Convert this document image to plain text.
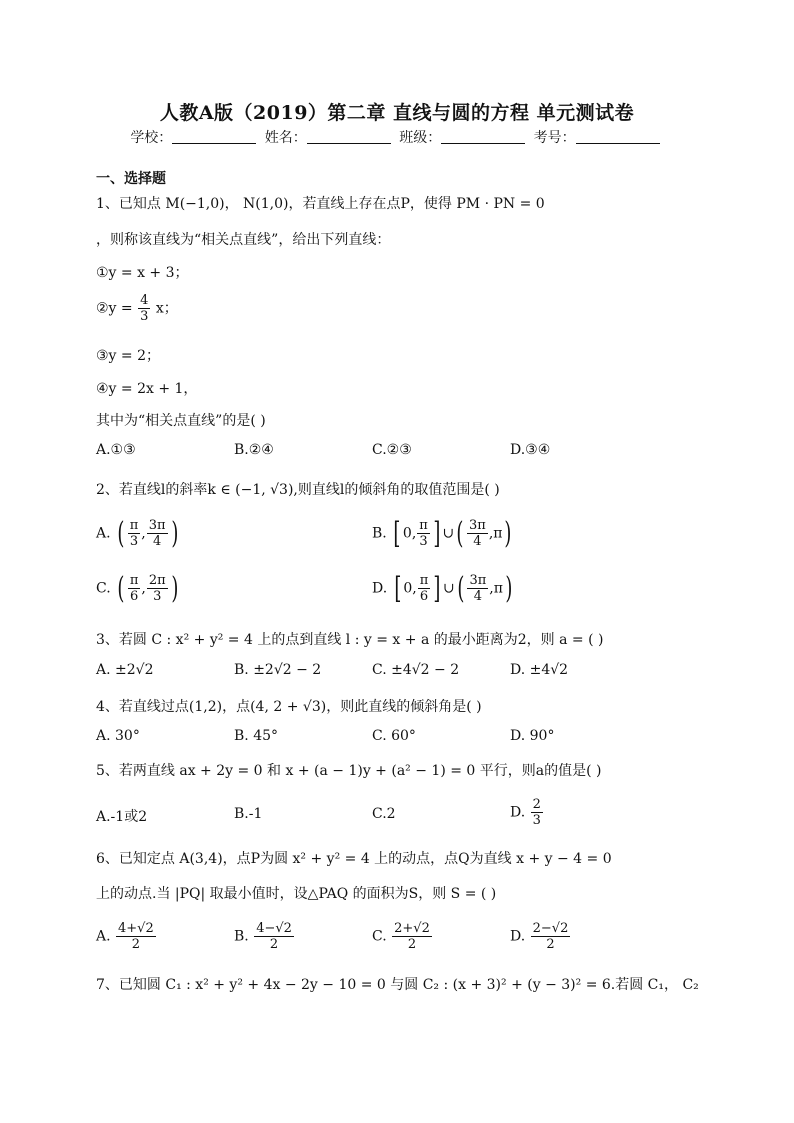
人教A版（2019）第二章 直线与圆的方程 单元测试卷
学校：	姓名：	班级：	考号：
一、选择题
1、已知点 M(−1,0)， N(1,0)，若直线上存在点P，使得 PM · PN = 0
，则称该直线为“相关点直线”，给出下列直线：
①y = x + 3；
②y = $\frac{4}{3}$ x；
③y = 2；
④y = 2x + 1，
其中为“相关点直线”的是( )
A.①③	B.②④	C.②③	D.③④
2、若直线l的斜率k ∈ (−1, √3),则直线l的倾斜角的取值范围是( )
A. ( $\frac{\pi}{3}$ , $\frac{3\pi}{4}$ )	B. [ 0, $\frac{\pi}{3}$ ] ∪( $\frac{3\pi}{4} ,\pi$)
C. ( $\frac{\pi}{6}$ , $\frac{2\pi}{3}$ )	D. [ 0, $\frac{\pi}{6}$ ] ∪( $\frac{3\pi}{4} ,\pi$)
3、若圆 C : x² + y² = 4 上的点到直线 l : y = x + a 的最小距离为2，则 a = ( )
A. ±2√2	B. ±2√2 − 2	C. ±4√2 − 2	D. ±4√2
4、若直线过点(1,2)，点(4, 2 + √3)，则此直线的倾斜角是( )
A. 30°	B. 45°	C. 60°	D. 90°
5、若两直线 ax + 2y = 0 和 x + (a − 1)y + (a² − 1) = 0 平行，则a的值是( )
A.-1或2	B.-1	C.2	D. $\frac{2}{3}$
6、已知定点 A(3,4)，点P为圆 x² + y² = 4 上的动点，点Q为直线 x + y − 4 = 0
上的动点.当 |PQ| 取最小值时，设△PAQ 的面积为S，则 S = ( )
A. $\frac{4+√2}{2}$	B. $\frac{4-√2}{2}$	C. $\frac{2+√2}{2}$	D. $\frac{2-√2}{2}$
7、已知圆 C₁ : x² + y² + 4x − 2y − 10 = 0 与圆 C₂ : (x + 3)² + (y − 3)² = 6.若圆 C₁， C₂
